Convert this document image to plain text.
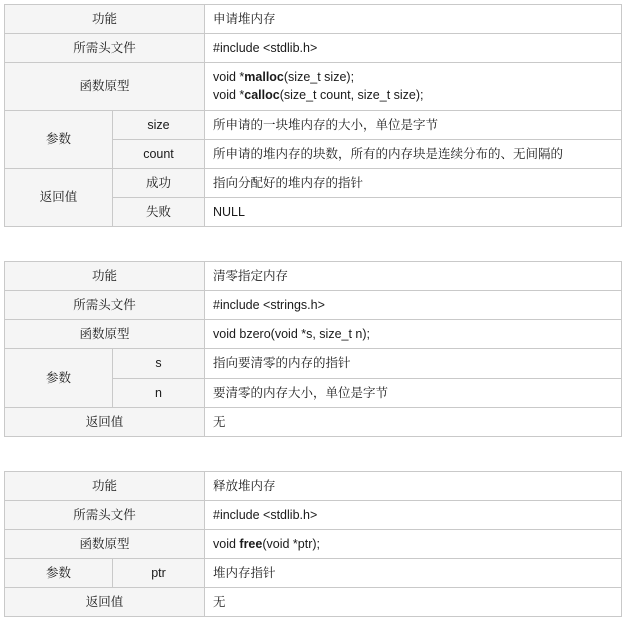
功能		申请堆内存
所需头文件		#include <stdlib.h>
函数原型		void *malloc(size_t size);
void *calloc(size_t count, size_t size);

参数	size	所申请的一块堆内存的大小，单位是字节
	count	所申请的堆内存的块数，所有的内存块是连续分布的、无间隔的
返回值	成功	指向分配好的堆内存的指针
	失败	NULL
功能		清零指定内存
所需头文件		#include <strings.h>
函数原型		void bzero(void *s, size_t n);
参数	s	指向要清零的内存的指针
	n	要清零的内存大小，单位是字节
返回值		无
功能		释放堆内存
所需头文件		#include <stdlib.h>
函数原型		void free(void *ptr);
参数	ptr	堆内存指针
返回值		无
